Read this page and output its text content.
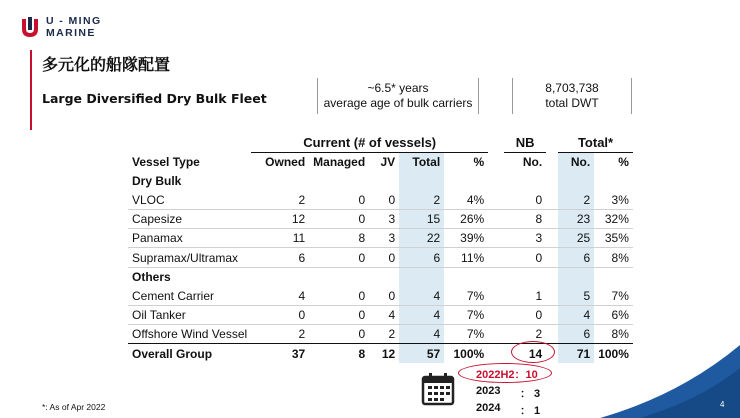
U - MING
MARINE
多元化的船隊配置
Large Diversified Dry Bulk Fleet
~6.5* years
average age of bulk carriers
8,703,738
total DWT
	Current (# of vessels)						NB		Total*	
Vessel Type	Owned	Managed	JV	Total	%		No.		No.	%
Dry Bulk										
VLOC	2	0	0	2	4%		0		2	3%
Capesize	12	0	3	15	26%		8		23	32%
Panamax	11	8	3	22	39%		3		25	35%
Supramax/Ultramax	6	0	0	6	11%		0		6	8%
Others										
Cement Carrier	4	0	0	4	7%		1		5	7%
Oil Tanker	0	0	4	4	7%		0		4	6%
Offshore Wind Vessel	2	0	2	4	7%		2		6	8%
Overall Group	37	8	12	57	100%		14		71	100%
2022H2：10
2023 ： 3
2024 ： 1
*: As of Apr 2022	4
